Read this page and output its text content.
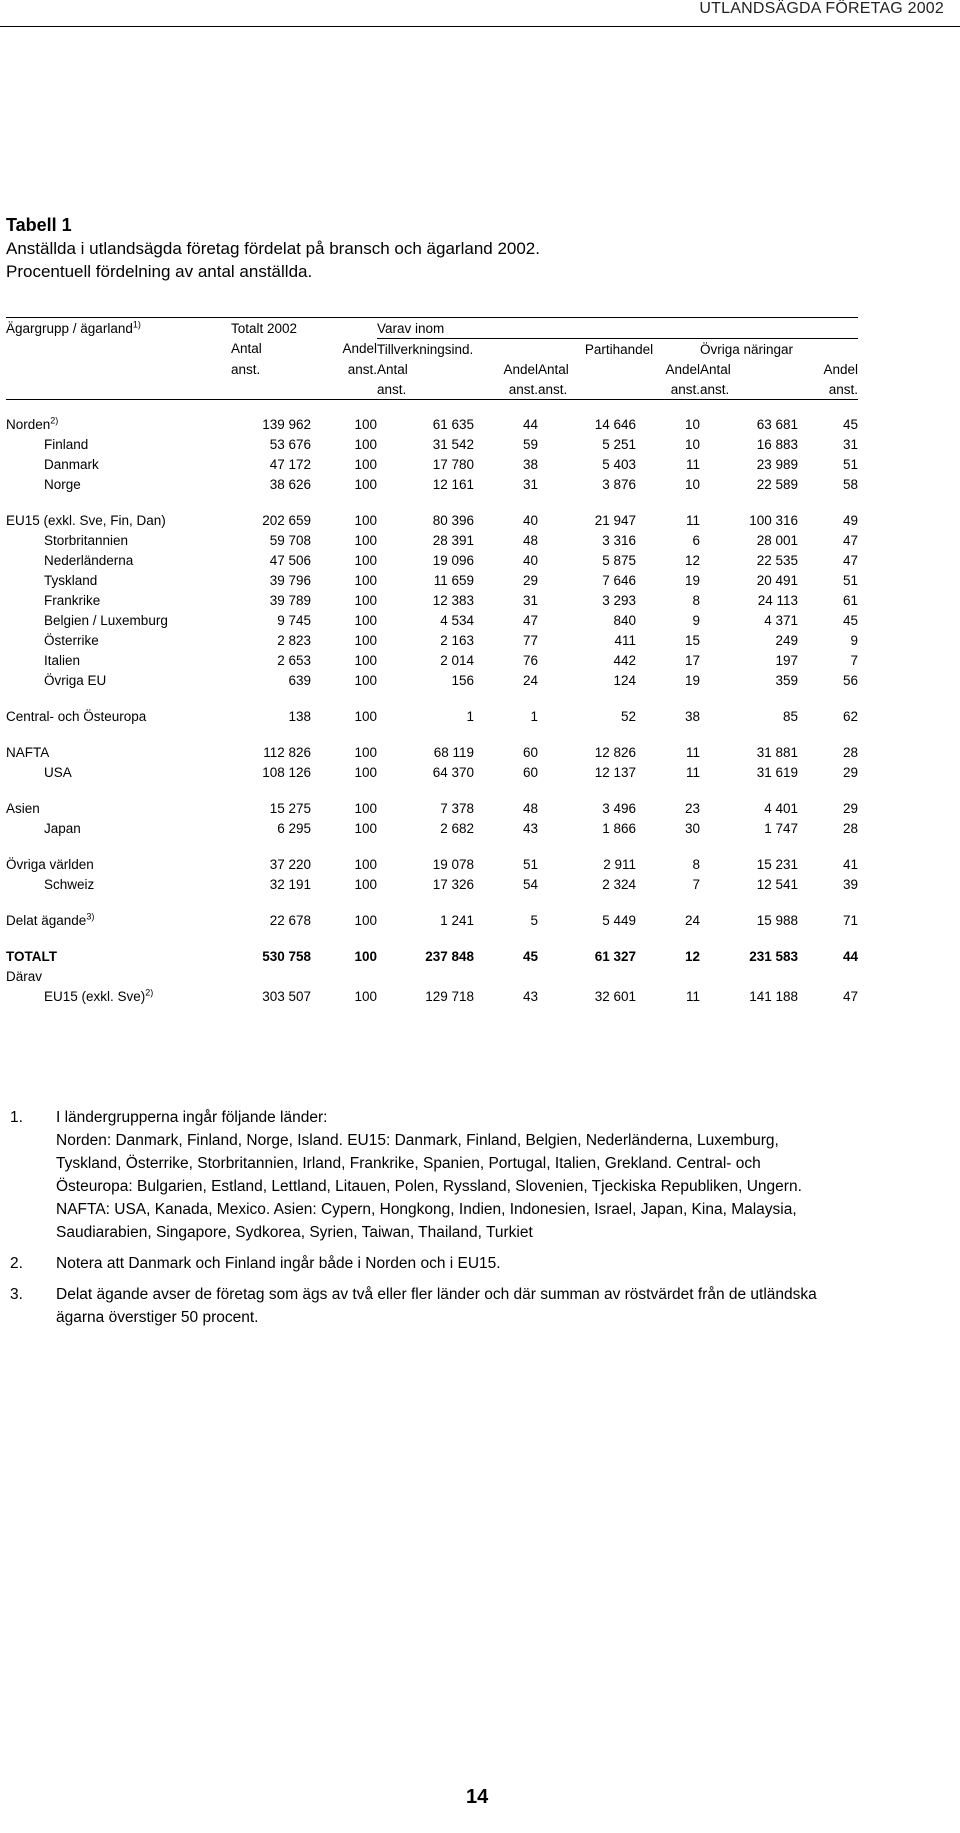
UTLANDSÄGDA FÖRETAG 2002
Tabell 1
Anställda i utlandsägda företag fördelat på bransch och ägarland 2002.
Procentuell fördelning av antal anställda.
Ägargrupp / ägarland$^{1)}$	Totalt 2002		Varav inom					
	Antal	Andel	Tillverkningsind.		Partihandel		Övriga näringar	
	anst.	anst.	Antal	Andel	Antal	Andel	Antal	Andel
			anst.	anst.	anst.	anst.	anst.	anst.

Norden$^{2)}$	139 962	100	61 635	44	14 646	10	63 681	45
Finland	53 676	100	31 542	59	5 251	10	16 883	31
Danmark	47 172	100	17 780	38	5 403	11	23 989	51
Norge	38 626	100	12 161	31	3 876	10	22 589	58

EU15 (exkl. Sve, Fin, Dan)	202 659	100	80 396	40	21 947	11	100 316	49
Storbritannien	59 708	100	28 391	48	3 316	6	28 001	47
Nederländerna	47 506	100	19 096	40	5 875	12	22 535	47
Tyskland	39 796	100	11 659	29	7 646	19	20 491	51
Frankrike	39 789	100	12 383	31	3 293	8	24 113	61
Belgien / Luxemburg	9 745	100	4 534	47	840	9	4 371	45
Österrike	2 823	100	2 163	77	411	15	249	9
Italien	2 653	100	2 014	76	442	17	197	7
Övriga EU	639	100	156	24	124	19	359	56

Central- och Östeuropa	138	100	1	1	52	38	85	62

NAFTA	112 826	100	68 119	60	12 826	11	31 881	28
USA	108 126	100	64 370	60	12 137	11	31 619	29

Asien	15 275	100	7 378	48	3 496	23	4 401	29
Japan	6 295	100	2 682	43	1 866	30	1 747	28

Övriga världen	37 220	100	19 078	51	2 911	8	15 231	41
Schweiz	32 191	100	17 326	54	2 324	7	12 541	39

Delat ägande$^{3)}$	22 678	100	1 241	5	5 449	24	15 988	71

TOTALT	530 758	100	237 848	45	61 327	12	231 583	44
Därav								
EU15 (exkl. Sve)$^{2)}$	303 507	100	129 718	43	32 601	11	141 188	47
1.	I ländergrupperna ingår följande länder:
Norden: Danmark, Finland, Norge, Island. EU15: Danmark, Finland, Belgien, Nederländerna, Luxemburg,
Tyskland, Österrike, Storbritannien, Irland, Frankrike, Spanien, Portugal, Italien, Grekland. Central- och
Östeuropa: Bulgarien, Estland, Lettland, Litauen, Polen, Ryssland, Slovenien, Tjeckiska Republiken, Ungern.
NAFTA: USA, Kanada, Mexico. Asien: Cypern, Hongkong, Indien, Indonesien, Israel, Japan, Kina, Malaysia,
Saudiarabien, Singapore, Sydkorea, Syrien, Taiwan, Thailand, Turkiet
2.	Notera att Danmark och Finland ingår både i Norden och i EU15.
3.	Delat ägande avser de företag som ägs av två eller fler länder och där summan av röstvärdet från de utländska
ägarna överstiger 50 procent.
14
